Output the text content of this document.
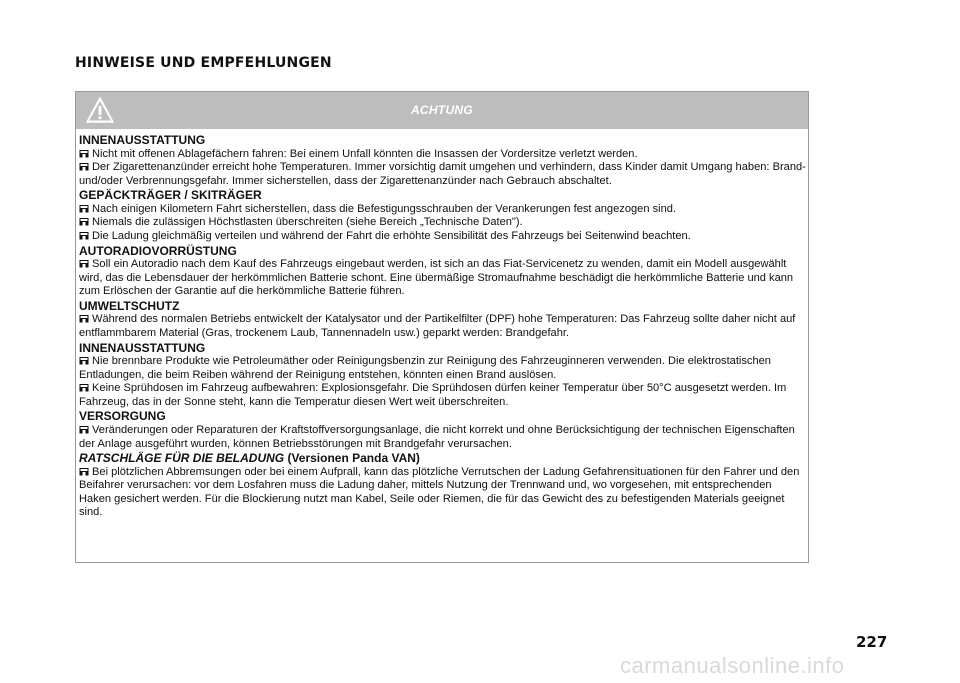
HINWEISE UND EMPFEHLUNGEN
ACHTUNG
INNENAUSSTATTUNG

Nicht mit offenen Ablagefächern fahren: Bei einem Unfall könnten die Insassen der Vordersitze verletzt werden.

Der Zigarettenanzünder erreicht hohe Temperaturen. Immer vorsichtig damit umgehen und verhindern, dass Kinder damit Umgang haben: Brand- und/oder Verbrennungsgefahr. Immer sicherstellen, dass der Zigarettenanzünder nach Gebrauch abschaltet.

GEPÄCKTRÄGER / SKITRÄGER

Nach einigen Kilometern Fahrt sicherstellen, dass die Befestigungsschrauben der Verankerungen fest angezogen sind.

Niemals die zulässigen Höchstlasten überschreiten (siehe Bereich „Technische Daten").

Die Ladung gleichmäßig verteilen und während der Fahrt die erhöhte Sensibilität des Fahrzeugs bei Seitenwind beachten.

AUTORADIOVORRÜSTUNG

Soll ein Autoradio nach dem Kauf des Fahrzeugs eingebaut werden, ist sich an das Fiat-Servicenetz zu wenden, damit ein Modell ausgewählt wird, das die Lebensdauer der herkömmlichen Batterie schont. Eine übermäßige Stromaufnahme beschädigt die herkömmliche Batterie und kann zum Erlöschen der Garantie auf die herkömmliche Batterie führen.

UMWELTSCHUTZ

Während des normalen Betriebs entwickelt der Katalysator und der Partikelfilter (DPF) hohe Temperaturen: Das Fahrzeug sollte daher nicht auf entflammbarem Material (Gras, trockenem Laub, Tannennadeln usw.) geparkt werden: Brandgefahr.

INNENAUSSTATTUNG

Nie brennbare Produkte wie Petroleumäther oder Reinigungsbenzin zur Reinigung des Fahrzeuginneren verwenden. Die elektrostatischen Entladungen, die beim Reiben während der Reinigung entstehen, könnten einen Brand auslösen.

Keine Sprühdosen im Fahrzeug aufbewahren: Explosionsgefahr. Die Sprühdosen dürfen keiner Temperatur über 50°C ausgesetzt werden. Im Fahrzeug, das in der Sonne steht, kann die Temperatur diesen Wert weit überschreiten.

VERSORGUNG

Veränderungen oder Reparaturen der Kraftstoffversorgungsanlage, die nicht korrekt und ohne Berücksichtigung der technischen Eigenschaften der Anlage ausgeführt wurden, können Betriebsstörungen mit Brandgefahr verursachen.

RATSCHLÄGE FÜR DIE BELADUNG (Versionen Panda VAN)

Bei plötzlichen Abbremsungen oder bei einem Aufprall, kann das plötzliche Verrutschen der Ladung Gefahrensituationen für den Fahrer und den Beifahrer verursachen: vor dem Losfahren muss die Ladung daher, mittels Nutzung der Trennwand und, wo vorgesehen, mit entsprechenden Haken gesichert werden. Für die Blockierung nutzt man Kabel, Seile oder Riemen, die für das Gewicht des zu befestigenden Materials geeignet sind.

227
carmanualsonline.info
